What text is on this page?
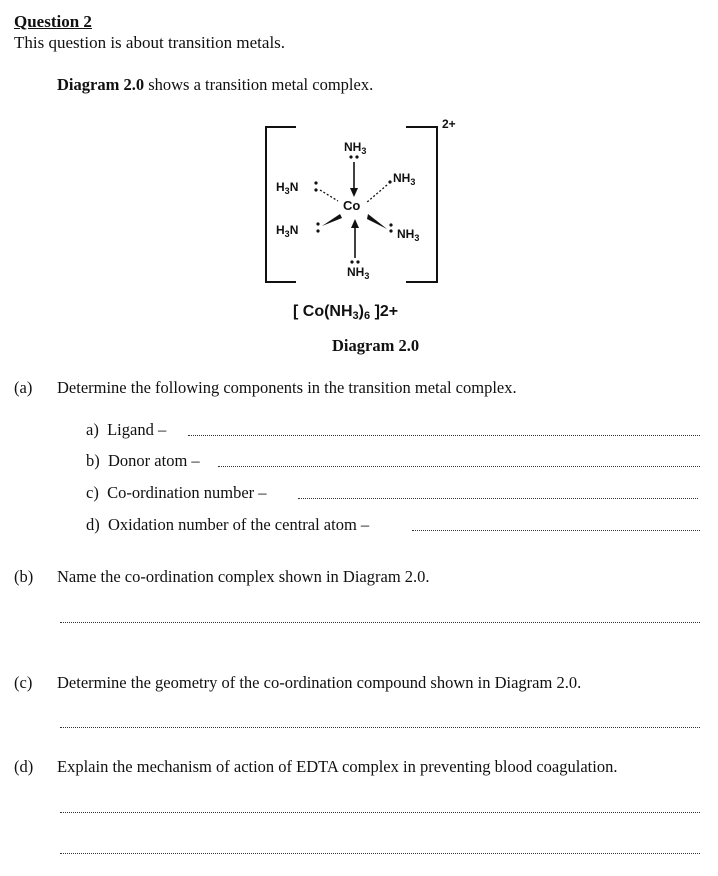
Question 2
This question is about transition metals.
Diagram 2.0 shows a transition metal complex.
2+
Co
$NH_3$
$NH_3$
$H_3N$
$H_3N$
$NH_3$
$NH_3$
[ $Co(NH_3)_6$ ]2+
Diagram 2.0
(a) Determine the following components in the transition metal complex.
a) Ligand –
b) Donor atom –
c) Co-ordination number –
d) Oxidation number of the central atom –
(b) Name the co-ordination complex shown in Diagram 2.0.
(c) Determine the geometry of the co-ordination compound shown in Diagram 2.0.
(d) Explain the mechanism of action of EDTA complex in preventing blood coagulation.
